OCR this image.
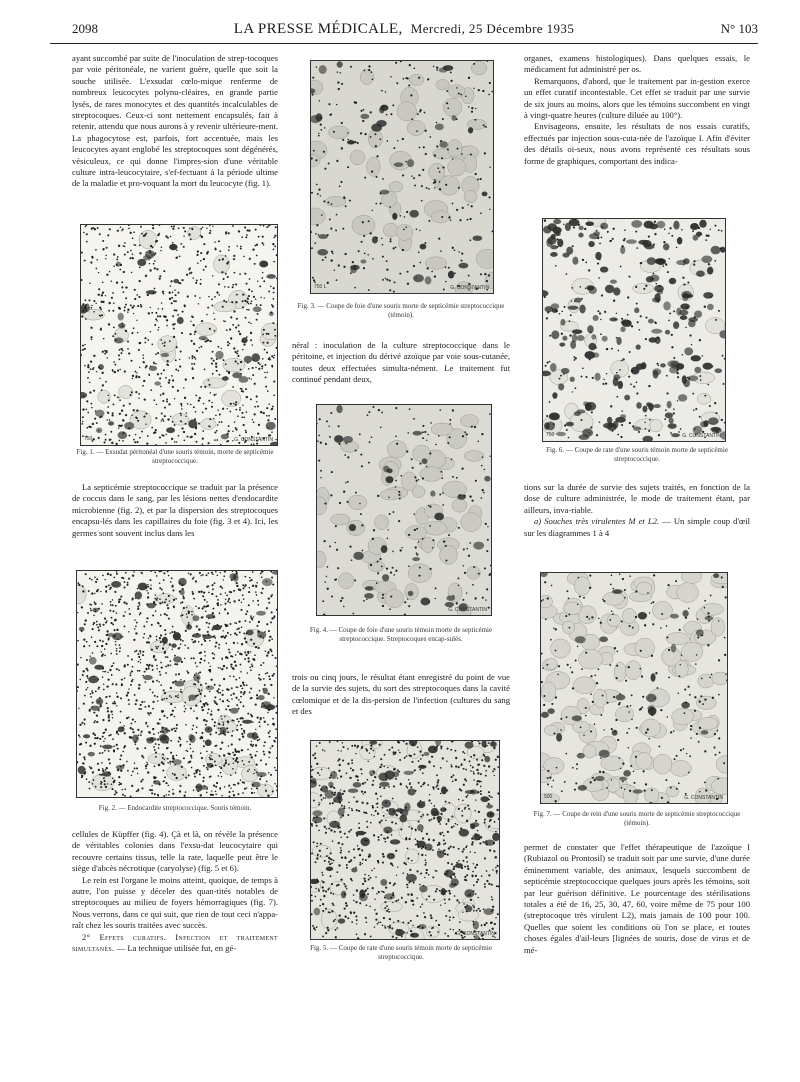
2098	LA PRESSE MÉDICALE, Mercredi, 25 Décembre 1935	N° 103

ayant succombé par suite de l'inoculation de strep-tocoques par voie péritonéale, ne varient guère, quelle que soit la souche utilisée. L'exsudat cœlo-mique renferme de nombreux leucocytes polynu-cléaires, en grande partie lysés, de rares monocytes et des quantités incalculables de streptocoques. Ceux-ci sont nettement encapsulés, fait à retenir, attendu que nous aurons à y revenir ultérieure-ment. La phagocytose est, parfois, fort accentuée, mais les leucocytes ayant englobé les streptocoques sont dégénérés, vésiculeux, ce qui donne l'impres-sion d'une véritable culture intra-leucocytaire, s'ef-fectuant à la période ultime de la maladie et pro-voquant la mort du leucocyte (fig. 1).

750	G. CONSTANTIN

Fig. 1. — Exsudat péritonéal d'une souris témoin, morte de septicémie streptococcique.

La septicémie streptococcique se traduit par la présence de coccus dans le sang, par les lésions nettes d'endocardite microbienne (fig. 2), et par la dispersion des streptocoques encapsu-lés dans les capillaires du foie (fig. 3 et 4). Ici, les germes sont souvent inclus dans les

Fig. 2. — Endocardite streptococcique. Souris témoin.

cellules de Küpffer (fig. 4). Çà et là, on révèle la présence de véritables colonies dans l'exsu-dat leucocytaire qui recouvre certains tissus, telle la rate, laquelle peut être le siège d'abcès nécrotique (caryolyse) (fig. 5 et 6).

Le rein est l'organe le moins atteint, quoique, de temps à autre, l'on puisse y déceler des quan-tités notables de streptocoques au milieu de foyers hémorragiques (fig. 7). Nous verrons, dans ce qui suit, que rien de tout ceci n'appa-raît chez les souris traitées avec succès.

2° Effets curatifs. Infection et traitement simultanés. — La technique utilisée fut, en gé-

750 L	G. CONSTANTIN

Fig. 3. — Coupe de foie d'une souris morte de septicémie streptococcique (témoin).

néral : inoculation de la culture streptococcique dans le péritoine, et injection du dérivé azoïque par voie sous-cutanée, toutes deux effectuées simulta-nément. Le traitement fut continué pendant deux,

G. CONSTANTIN

Fig. 4. — Coupe de foie d'une souris témoin morte de septicémie streptococcique. Streptocoques encap-sulés.

trois ou cinq jours, le résultat étant enregistré du point de vue de la survie des sujets, du sort des streptocoques dans la cavité cœlomique et de la dis-persion de l'infection (cultures du sang et des

G. CONSTANTIN

Fig. 5. — Coupe de rate d'une souris témoin morte de septicémie streptococcique.

organes, examens histologiques). Dans quelques essais, le médicament fut administré per os.

Remarquons, d'abord, que le traitement par in-gestion exerce un effet curatif incontestable. Cet effet se traduit par une survie de six jours au moins, alors que les témoins succombent en vingt à vingt-quatre heures (culture diluée au 100°).

Envisageons, ensuite, les résultats de nos essais curatifs, effectués par injection sous-cuta-née de l'azoïque I. Afin d'éviter des détails oi-seux, nous avons représenté ces résultats sous forme de graphiques, comportant des indica-

750	G. CONSTANTIN

Fig. 6. — Coupe de rate d'une souris témoin morte de septicémie streptococcique.

tions sur la durée de survie des sujets traités, en fonction de la dose de culture administrée, le mode de traitement étant, par ailleurs, inva-riable.

a) Souches très virulentes M et L2. — Un simple coup d'œil sur les diagrammes 1 à 4

500	G. CONSTANTIN

Fig. 7. — Coupe de rein d'une souris morte de septicémie streptococcique (témoin).

permet de constater que l'effet thérapeutique de l'azoïque I (Rubiazol ou Prontosil) se traduit soit par une survie, d'une durée éminemment variable, des animaux, lesquels succombent de septicémie streptococcique quelques jours après les témoins, soit par leur guérison définitive. Le pourcentage des stérilisations totales a été de 16, 25, 30, 47, 60, voire même de 75 pour 100 (streptocoque très virulent L2), mais jamais de 100 pour 100. Quelles que soient les conditions où l'on se place, et toutes choses égales d'ail-leurs [lignées de souris, dose de virus et de mé-
